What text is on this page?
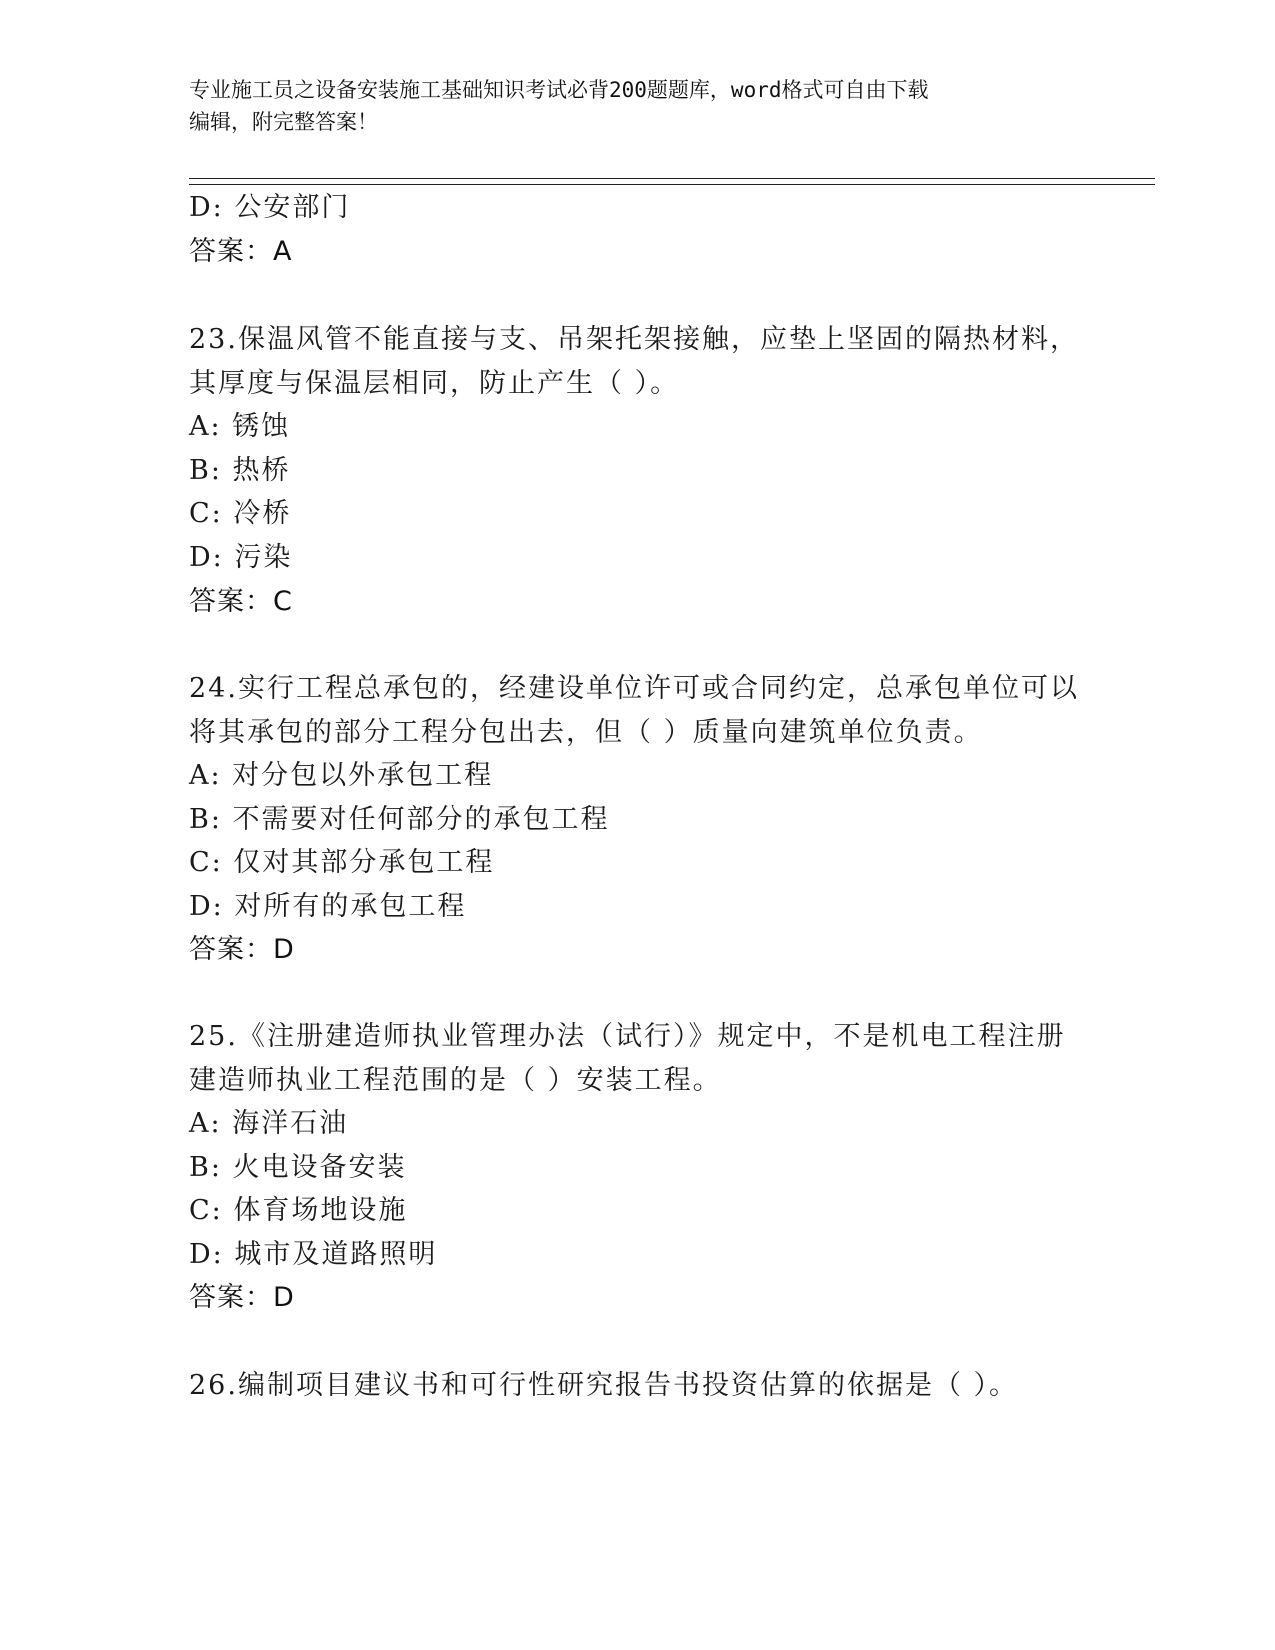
专业施工员之设备安装施工基础知识考试必背200题题库，word格式可自由下载
编辑，附完整答案！
D: 公安部门
答案：A
23.保温风管不能直接与支、吊架托架接触，应垫上坚固的隔热材料，
其厚度与保温层相同，防止产生（ ）。
A: 锈蚀
B: 热桥
C: 冷桥
D: 污染
答案：C
24.实行工程总承包的，经建设单位许可或合同约定，总承包单位可以
将其承包的部分工程分包出去，但（ ）质量向建筑单位负责。
A: 对分包以外承包工程
B: 不需要对任何部分的承包工程
C: 仅对其部分承包工程
D: 对所有的承包工程
答案：D
25.《注册建造师执业管理办法（试行）》规定中，不是机电工程注册
建造师执业工程范围的是（ ）安装工程。
A: 海洋石油
B: 火电设备安装
C: 体育场地设施
D: 城市及道路照明
答案：D
26.编制项目建议书和可行性研究报告书投资估算的依据是（ ）。
